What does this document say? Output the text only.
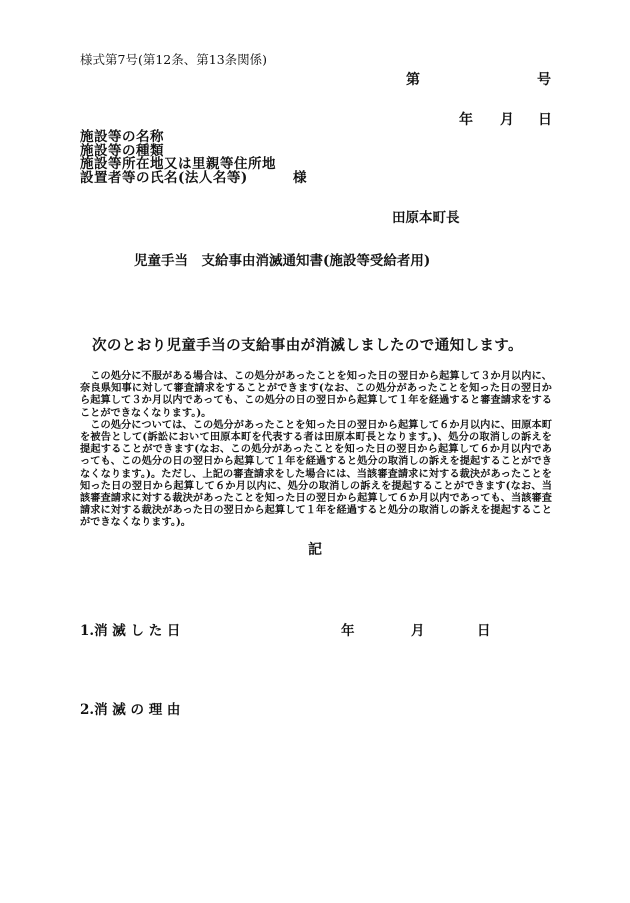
様式第7号(第12条、第13条関係)
第	号
年 月 日
施設等の名称
施設等の種類
施設等所在地又は里親等住所地
設置者等の氏名(法人名等)	様
田原本町長
児童手当　支給事由消滅通知書(施設等受給者用)
次のとおり児童手当の支給事由が消滅しましたので通知します。

この処分に不服がある場合は、この処分があったことを知った日の翌日から起算して３か月以内に、奈良県知事に対して審査請求をすることができます(なお、この処分があったことを知った日の翌日から起算して３か月以内であっても、この処分の日の翌日から起算して１年を経過すると審査請求をすることができなくなります。)。

この処分については、この処分があったことを知った日の翌日から起算して６か月以内に、田原本町を被告として(訴訟において田原本町を代表する者は田原本町長となります。)、処分の取消しの訴えを提起することができます(なお、この処分があったことを知った日の翌日から起算して６か月以内であっても、この処分の日の翌日から起算して１年を経過すると処分の取消しの訴えを提起することができなくなります。)。ただし、上記の審査請求をした場合には、当該審査請求に対する裁決があったことを知った日の翌日から起算して６か月以内に、処分の取消しの訴えを提起することができます(なお、当該審査請求に対する裁決があったことを知った日の翌日から起算して６か月以内であっても、当該審査請求に対する裁決があった日の翌日から起算して１年を経過すると処分の取消しの訴えを提起することができなくなります。)。

記
1.消 滅 し た 日	年	月	日
2.消 滅 の 理 由
